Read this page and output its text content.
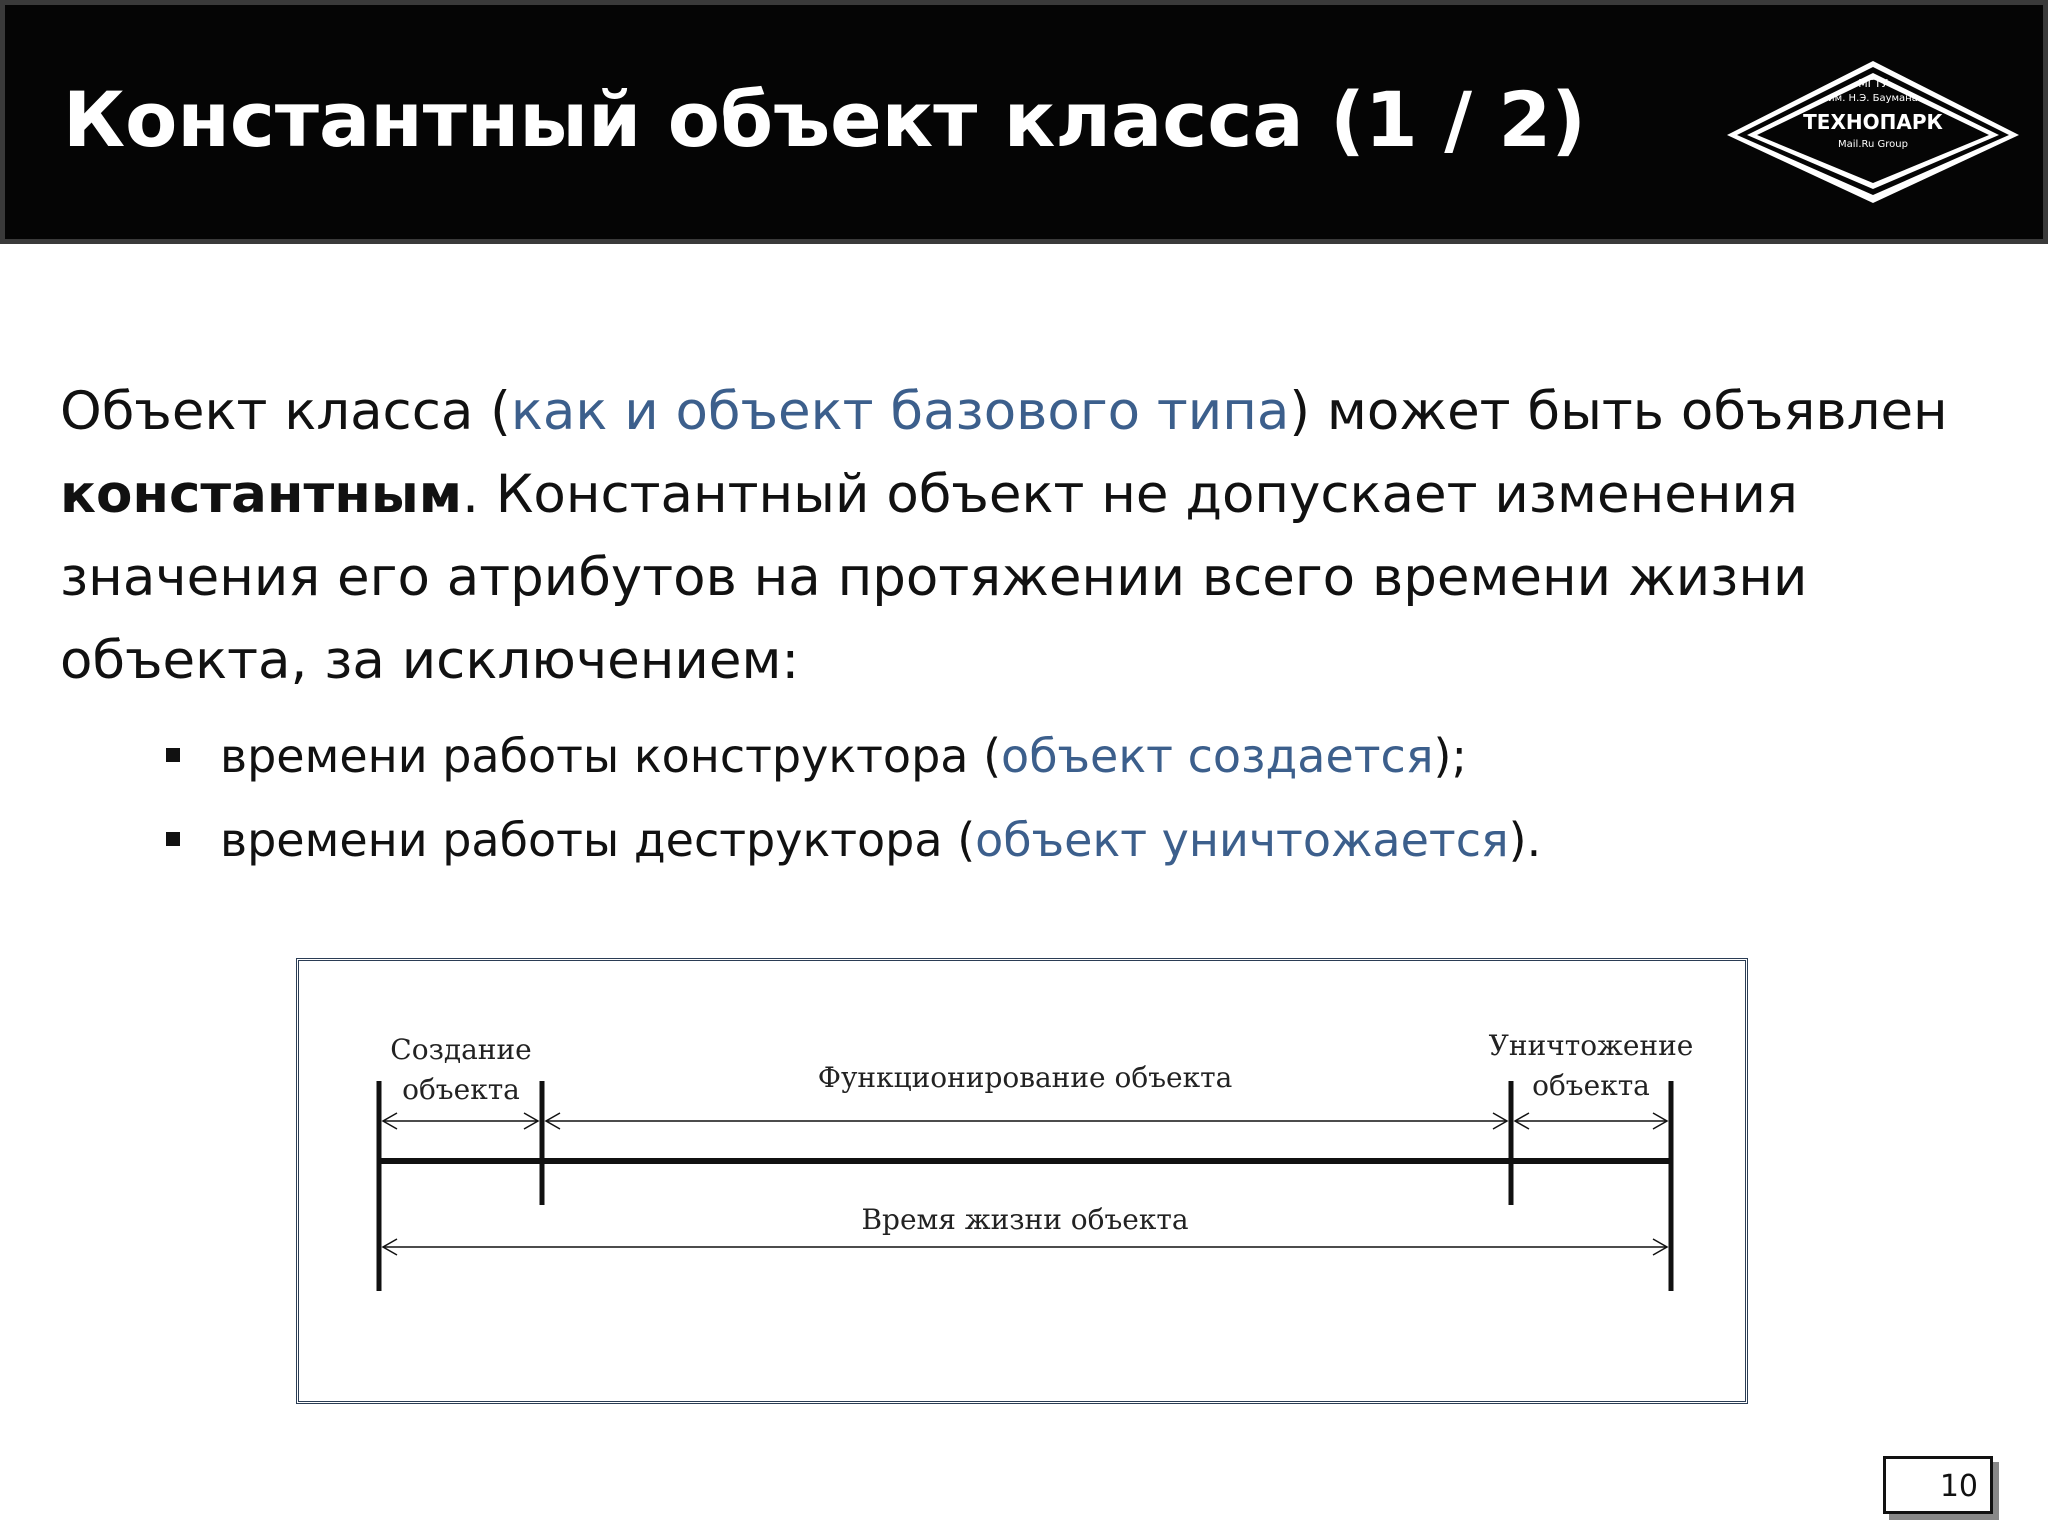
Константный объект класса (1 / 2)	МГТУ
им. Н.Э. Баумана
ТЕХНОПАРК
Mail.Ru Group
Объект класса (как и объект базового типа) может быть объявлен константным. Константный объект не допускает изменения значения его атрибутов на протяжении всего времени жизни объекта, за исключением:
времени работы конструктора (объект создается);
времени работы деструктора (объект уничтожается).
Создание
объекта	Функционирование объекта
Уничтожение
объекта
Время жизни объекта
10
